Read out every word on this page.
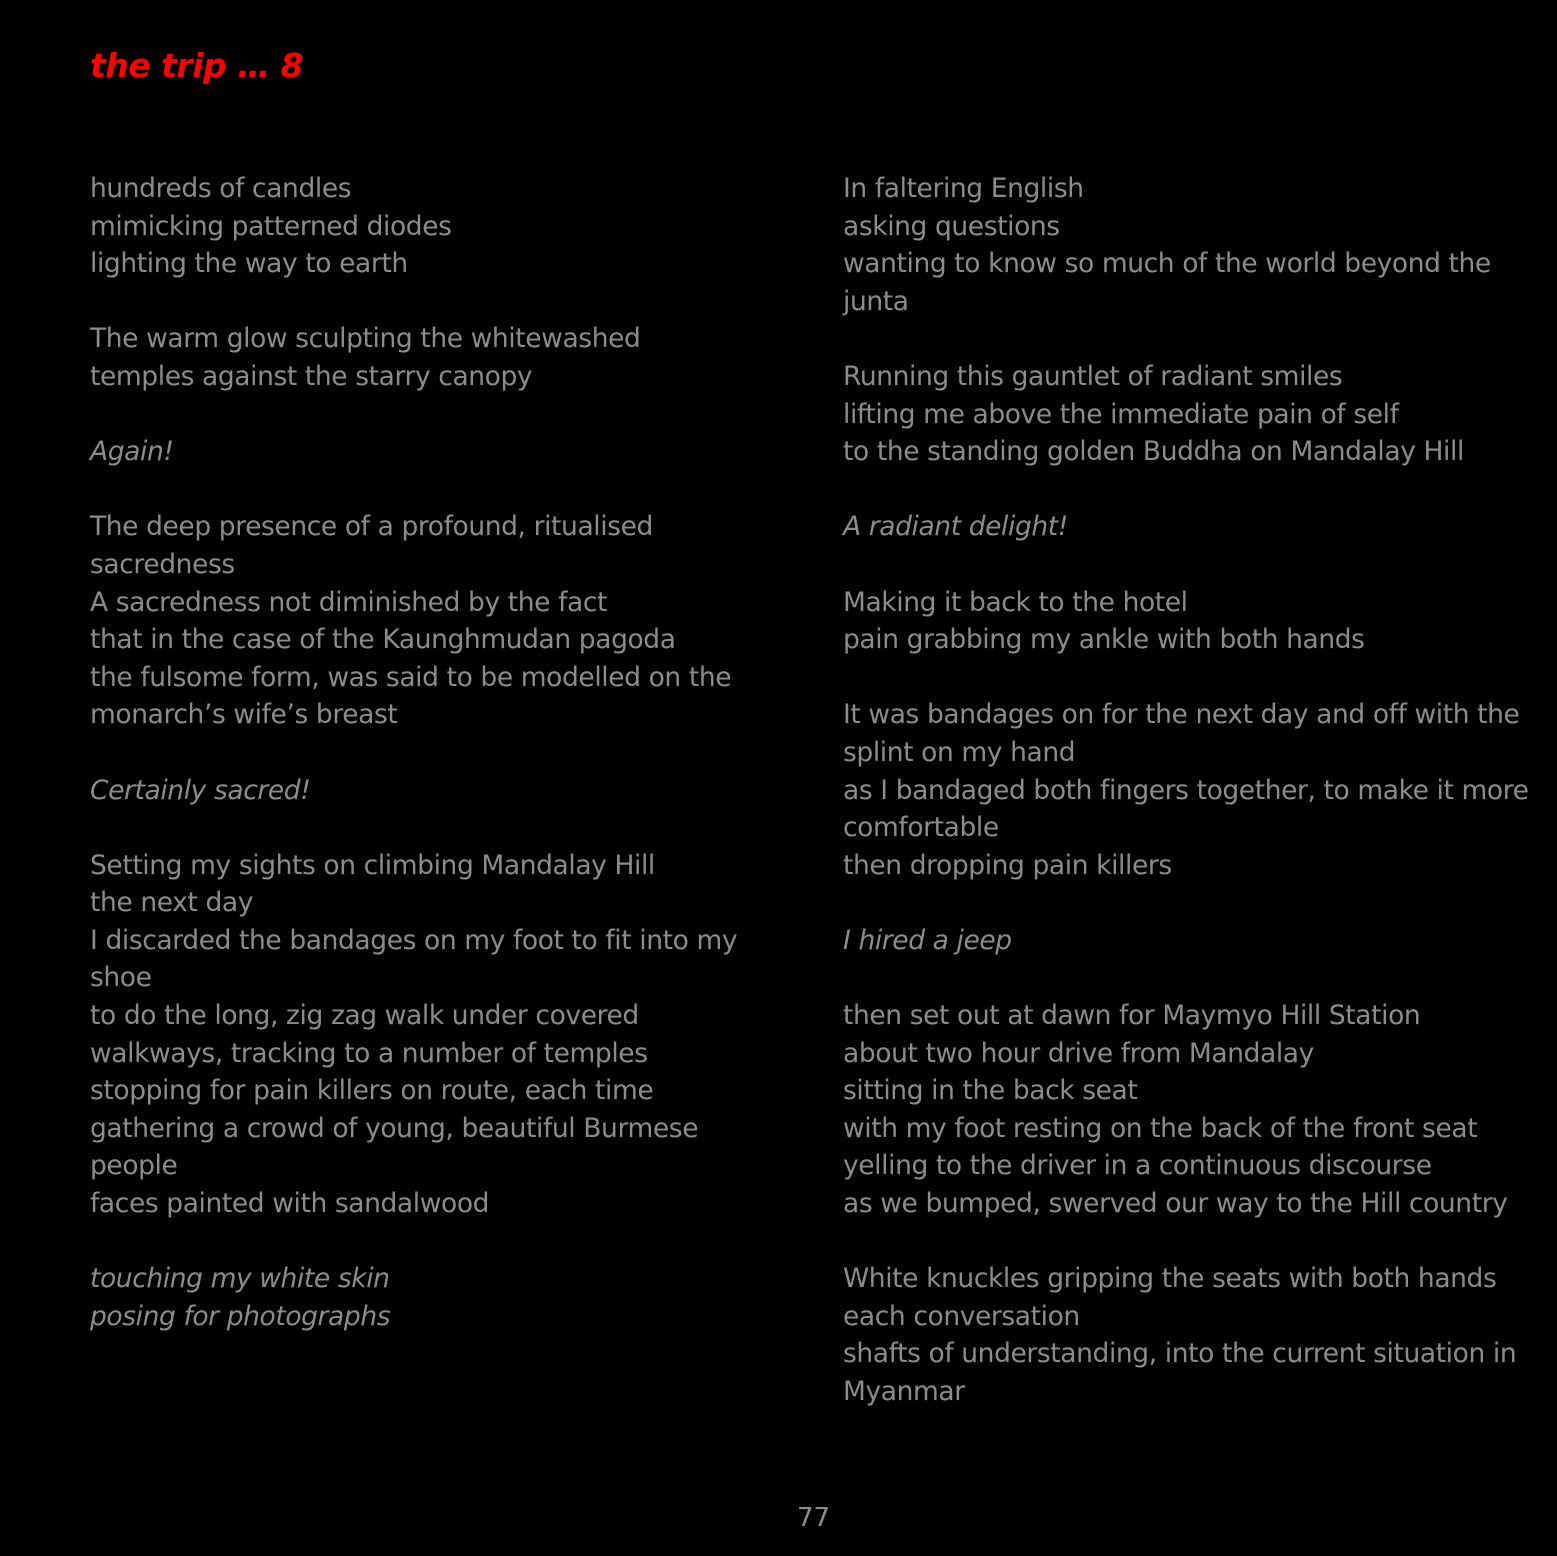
the trip … 8
hundreds of candles
mimicking patterned diodes
lighting the way to earth
The warm glow sculpting the whitewashed
temples against the starry canopy
Again!
The deep presence of a profound, ritualised
sacredness
A sacredness not diminished by the fact
that in the case of the Kaunghmudan pagoda
the fulsome form, was said to be modelled on the
monarch’s wife’s breast
Certainly sacred!
Setting my sights on climbing Mandalay Hill
the next day
I discarded the bandages on my foot to fit into my
shoe
to do the long, zig zag walk under covered
walkways, tracking to a number of temples
stopping for pain killers on route, each time
gathering a crowd of young, beautiful Burmese
people
faces painted with sandalwood
touching my white skin
posing for photographs
In faltering English
asking questions
wanting to know so much of the world beyond the
junta
Running this gauntlet of radiant smiles
lifting me above the immediate pain of self
to the standing golden Buddha on Mandalay Hill
A radiant delight!
Making it back to the hotel
pain grabbing my ankle with both hands
It was bandages on for the next day and off with the
splint on my hand
as I bandaged both fingers together, to make it more
comfortable
then dropping pain killers
I hired a jeep
then set out at dawn for Maymyo Hill Station
about two hour drive from Mandalay
sitting in the back seat
with my foot resting on the back of the front seat
yelling to the driver in a continuous discourse
as we bumped, swerved our way to the Hill country
White knuckles gripping the seats with both hands
each conversation
shafts of understanding, into the current situation in
Myanmar

77
